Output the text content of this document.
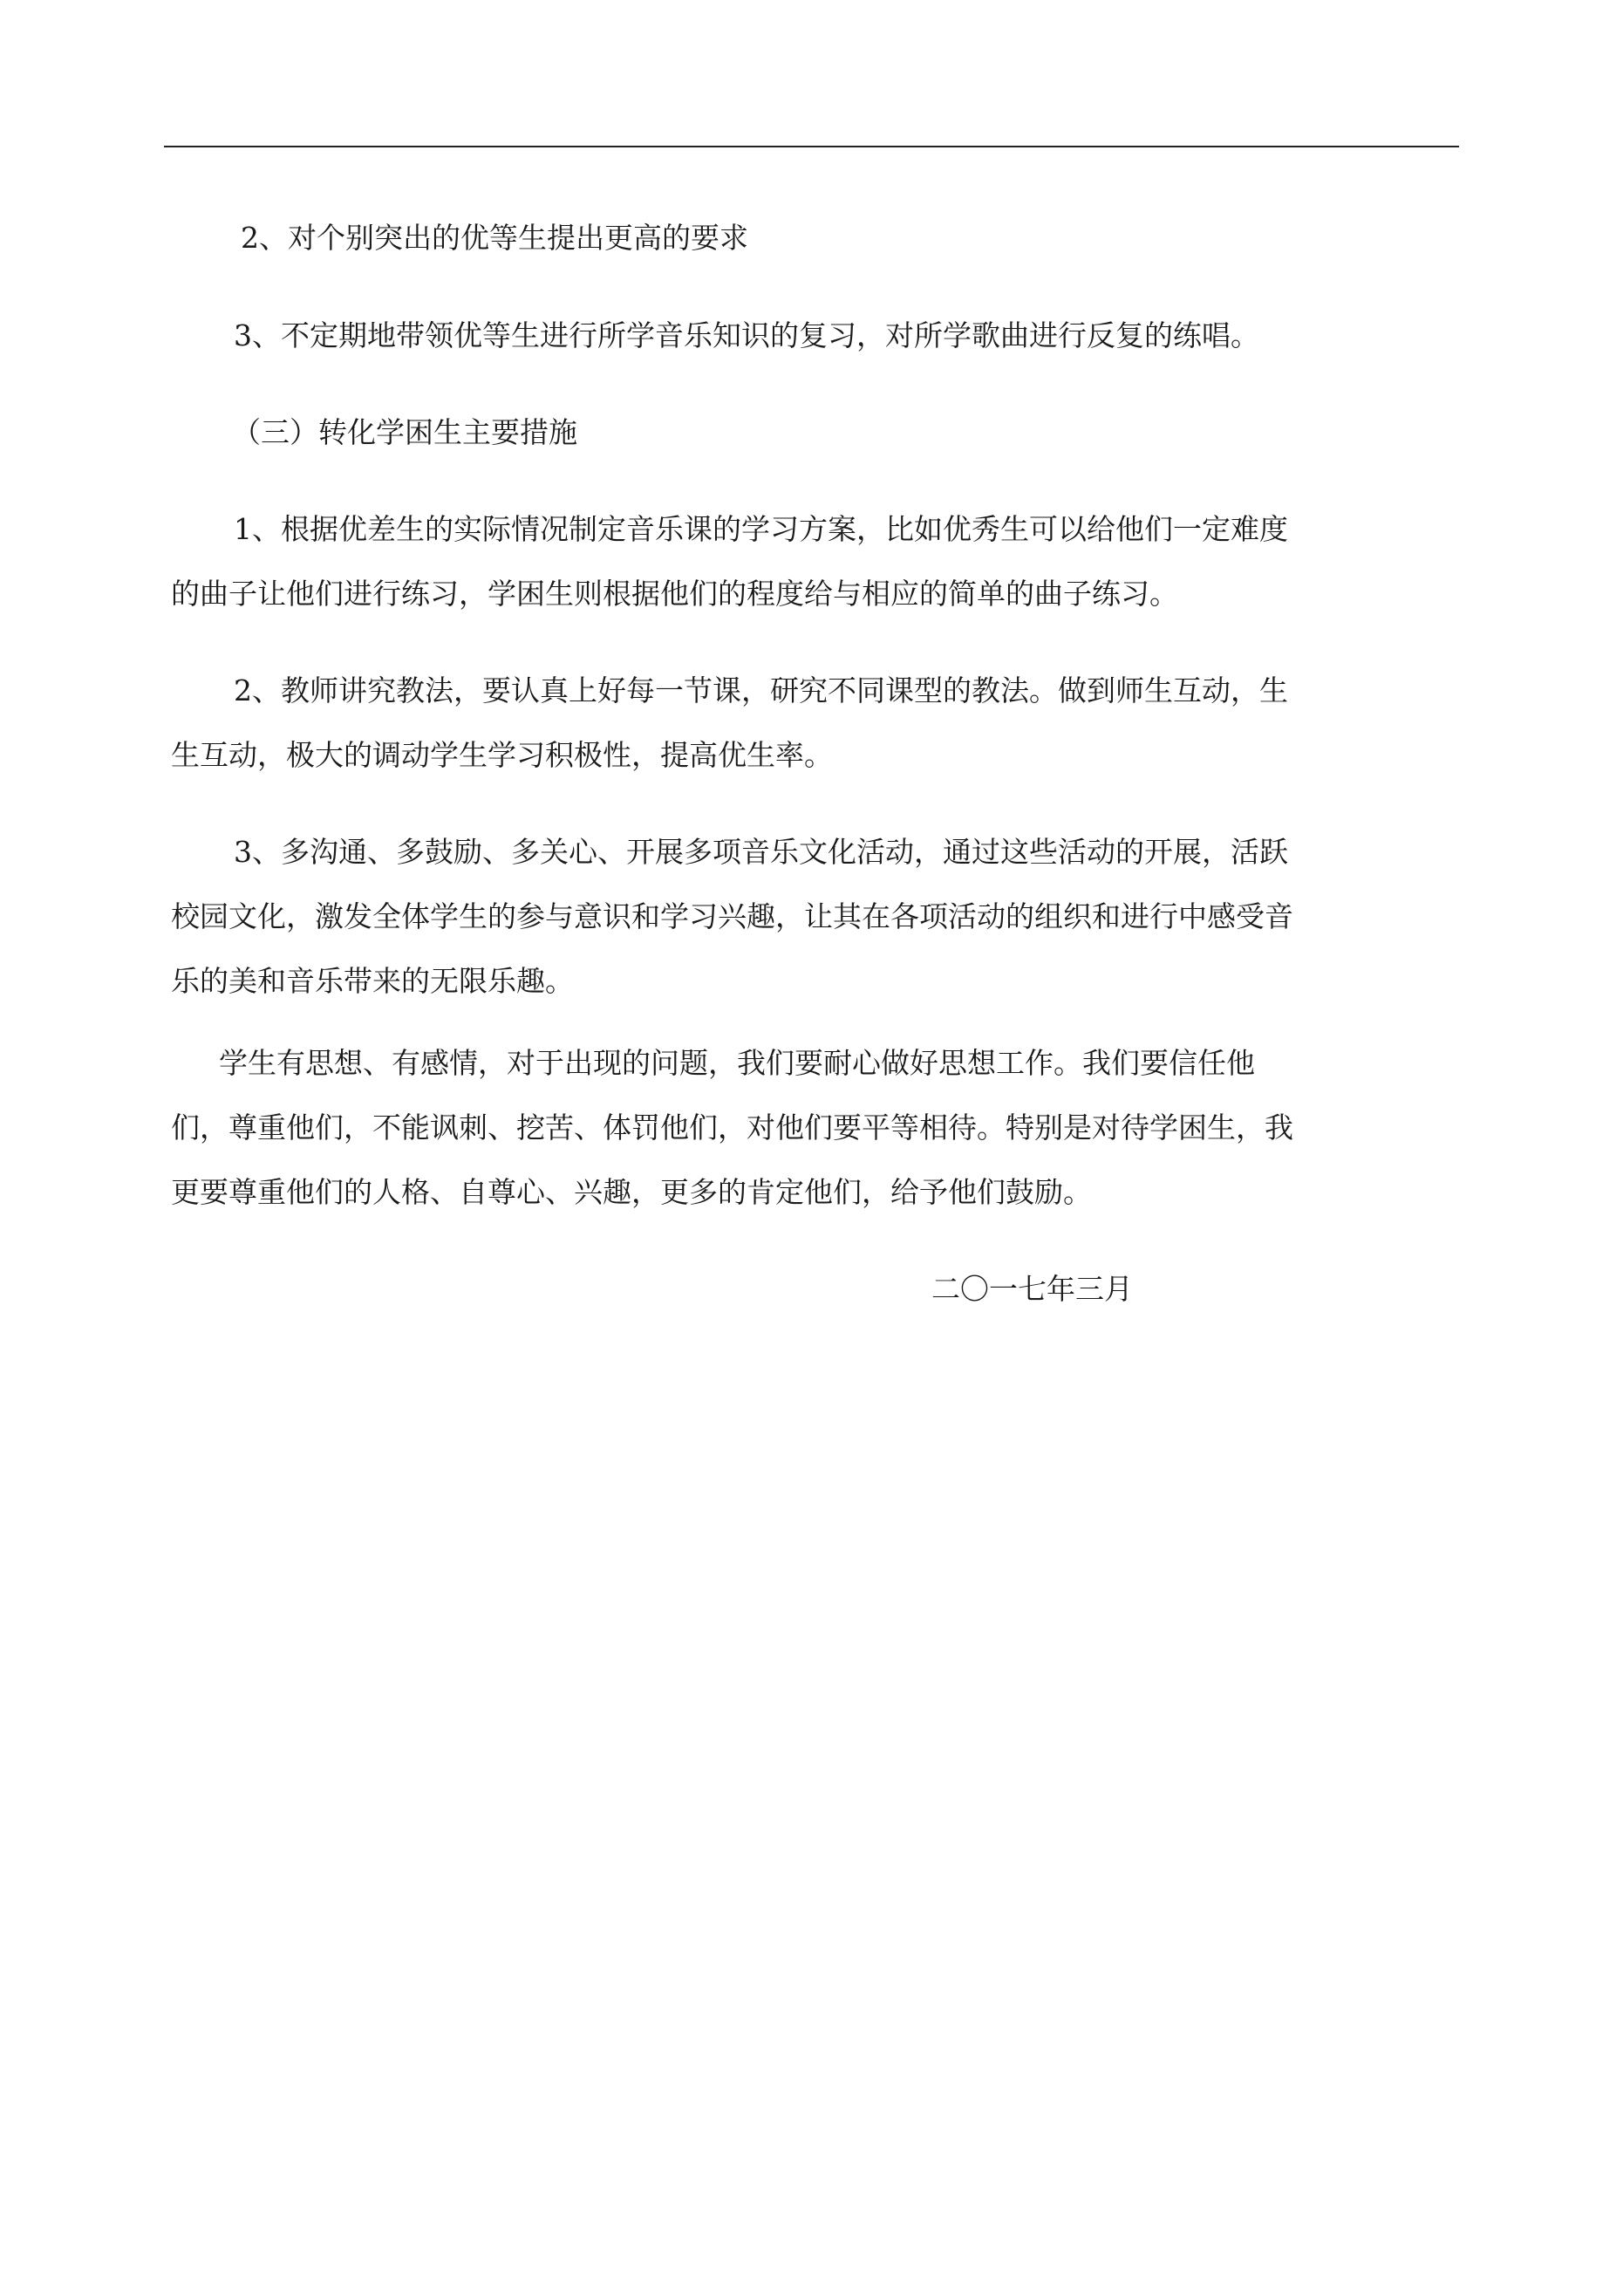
2、对个别突出的优等生提出更高的要求

3、不定期地带领优等生进行所学音乐知识的复习，对所学歌曲进行反复的练唱。

（三）转化学困生主要措施

1、根据优差生的实际情况制定音乐课的学习方案，比如优秀生可以给他们一定难度
的曲子让他们进行练习，学困生则根据他们的程度给与相应的简单的曲子练习。

2、教师讲究教法，要认真上好每一节课，研究不同课型的教法。做到师生互动，生
生互动，极大的调动学生学习积极性，提高优生率。

3、多沟通、多鼓励、多关心、开展多项音乐文化活动，通过这些活动的开展，活跃
校园文化，激发全体学生的参与意识和学习兴趣，让其在各项活动的组织和进行中感受音
乐的美和音乐带来的无限乐趣。

学生有思想、有感情，对于出现的问题，我们要耐心做好思想工作。我们要信任他
们，尊重他们，不能讽刺、挖苦、体罚他们，对他们要平等相待。特别是对待学困生，我
更要尊重他们的人格、自尊心、兴趣，更多的肯定他们，给予他们鼓励。

二〇一七年三月
